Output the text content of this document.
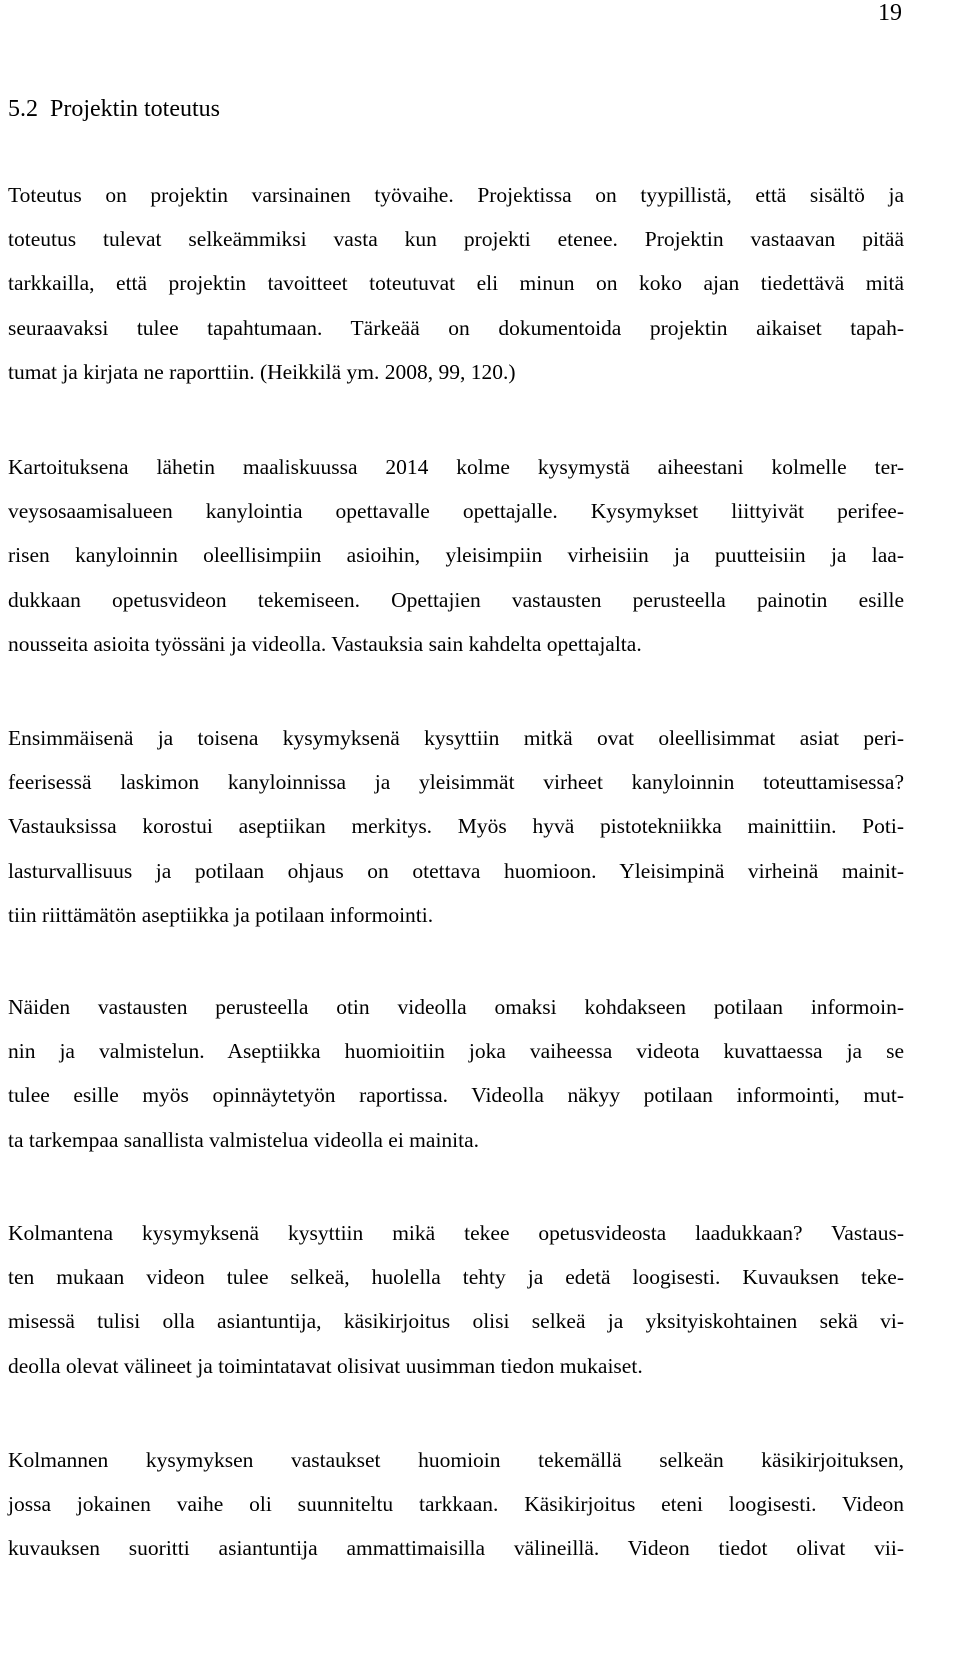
19
5.2  Projektin toteutus
Toteutus on projektin varsinainen työvaihe. Projektissa on tyypillistä, että sisältö ja
toteutus tulevat selkeämmiksi vasta kun projekti etenee. Projektin vastaavan pitää
tarkkailla, että projektin tavoitteet toteutuvat eli minun on koko ajan tiedettävä mitä
seuraavaksi tulee tapahtumaan. Tärkeää on dokumentoida projektin aikaiset tapah-
tumat ja kirjata ne raporttiin. (Heikkilä ym. 2008, 99, 120.)
Kartoituksena lähetin maaliskuussa 2014 kolme kysymystä aiheestani kolmelle ter-
veysosaamisalueen kanylointia opettavalle opettajalle. Kysymykset liittyivät perifee-
risen kanyloinnin oleellisimpiin asioihin, yleisimpiin virheisiin ja puutteisiin ja laa-
dukkaan opetusvideon tekemiseen. Opettajien vastausten perusteella painotin esille
nousseita asioita työssäni ja videolla. Vastauksia sain kahdelta opettajalta.
Ensimmäisenä ja toisena kysymyksenä kysyttiin mitkä ovat oleellisimmat asiat peri-
feerisessä laskimon kanyloinnissa ja yleisimmät virheet kanyloinnin toteuttamisessa?
Vastauksissa korostui aseptiikan merkitys. Myös hyvä pistotekniikka mainittiin. Poti-
lasturvallisuus ja potilaan ohjaus on otettava huomioon. Yleisimpinä virheinä mainit-
tiin riittämätön aseptiikka ja potilaan informointi.
Näiden vastausten perusteella otin videolla omaksi kohdakseen potilaan informoin-
nin ja valmistelun. Aseptiikka huomioitiin joka vaiheessa videota kuvattaessa ja se
tulee esille myös opinnäytetyön raportissa. Videolla näkyy potilaan informointi, mut-
ta tarkempaa sanallista valmistelua videolla ei mainita.
Kolmantena kysymyksenä kysyttiin mikä tekee opetusvideosta laadukkaan? Vastaus-
ten mukaan videon tulee selkeä, huolella tehty ja edetä loogisesti. Kuvauksen teke-
misessä tulisi olla asiantuntija, käsikirjoitus olisi selkeä ja yksityiskohtainen sekä vi-
deolla olevat välineet ja toimintatavat olisivat uusimman tiedon mukaiset.
Kolmannen kysymyksen vastaukset huomioin tekemällä selkeän käsikirjoituksen,
jossa jokainen vaihe oli suunniteltu tarkkaan. Käsikirjoitus eteni loogisesti. Videon
kuvauksen suoritti asiantuntija ammattimaisilla välineillä. Videon tiedot olivat vii-
